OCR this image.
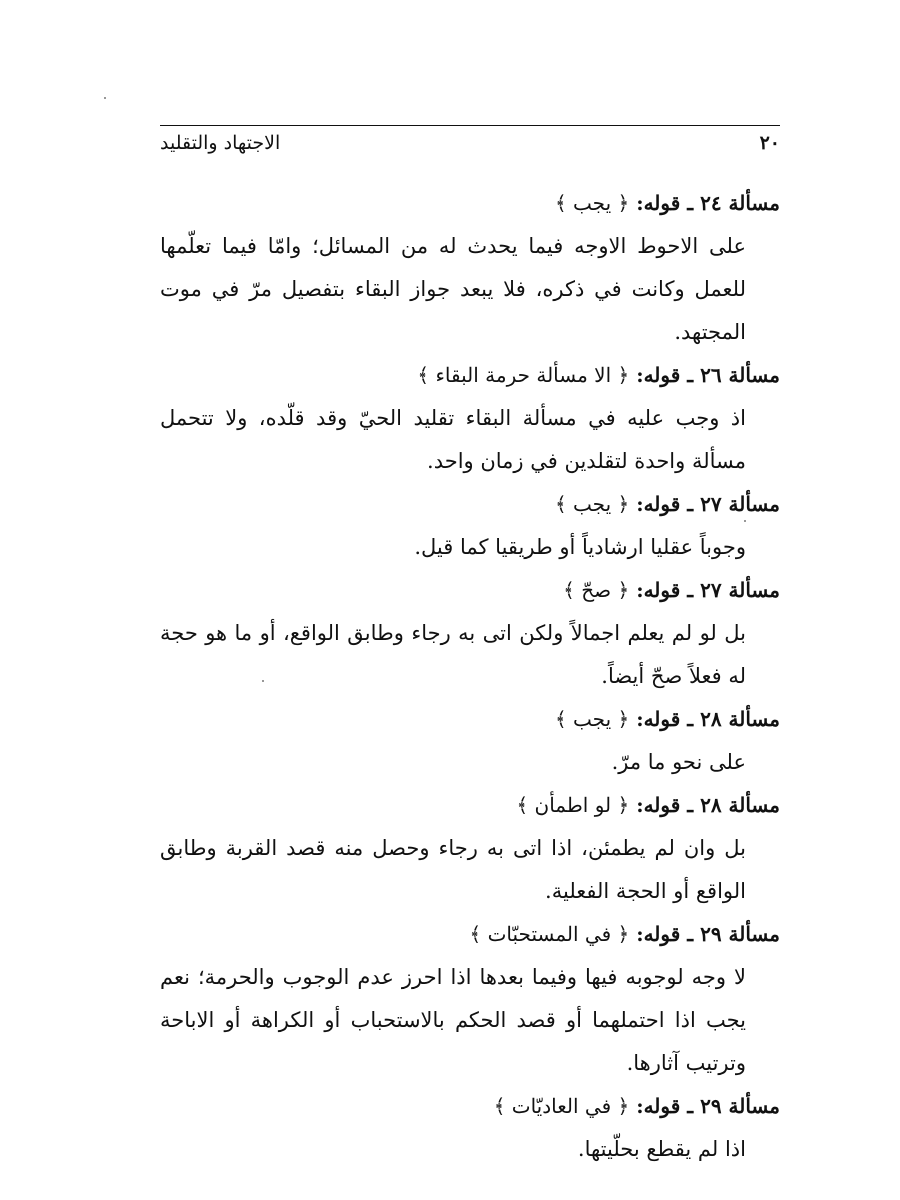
٢٠
الاجتهاد والتقليد

مسألة ٢٤ ـ قوله: ﴿ يجب ﴾

على الاحوط الاوجه فيما يحدث له من المسائل؛ وامّا فيما تعلّمها للعمل وكانت في ذكره، فلا يبعد جواز البقاء بتفصيل مرّ في موت المجتهد.

مسألة ٢٦ ـ قوله: ﴿ الا مسألة حرمة البقاء ﴾

اذ وجب عليه في مسألة البقاء تقليد الحيّ وقد قلّده، ولا تتحمل مسألة واحدة لتقلدين في زمان واحد.

مسألة ٢٧ ـ قوله: ﴿ يجب ﴾

وجوباً عقليا ارشادياً أو طريقيا كما قيل.

مسألة ٢٧ ـ قوله: ﴿ صحّ ﴾

بل لو لم يعلم اجمالاً ولكن اتى به رجاء وطابق الواقع، أو ما هو حجة له فعلاً صحّ أيضاً.

مسألة ٢٨ ـ قوله: ﴿ يجب ﴾

على نحو ما مرّ.

مسألة ٢٨ ـ قوله: ﴿ لو اطمأن ﴾

بل وان لم يطمئن، اذا اتى به رجاء وحصل منه قصد القربة وطابق الواقع أو الحجة الفعلية.

مسألة ٢٩ ـ قوله: ﴿ في المستحبّات ﴾

لا وجه لوجوبه فيها وفيما بعدها اذا احرز عدم الوجوب والحرمة؛ نعم يجب اذا احتملهما أو قصد الحكم بالاستحباب أو الكراهة أو الاباحة وترتيب آثارها.

مسألة ٢٩ ـ قوله: ﴿ في العاديّات ﴾

اذا لم يقطع بحلّيتها.
